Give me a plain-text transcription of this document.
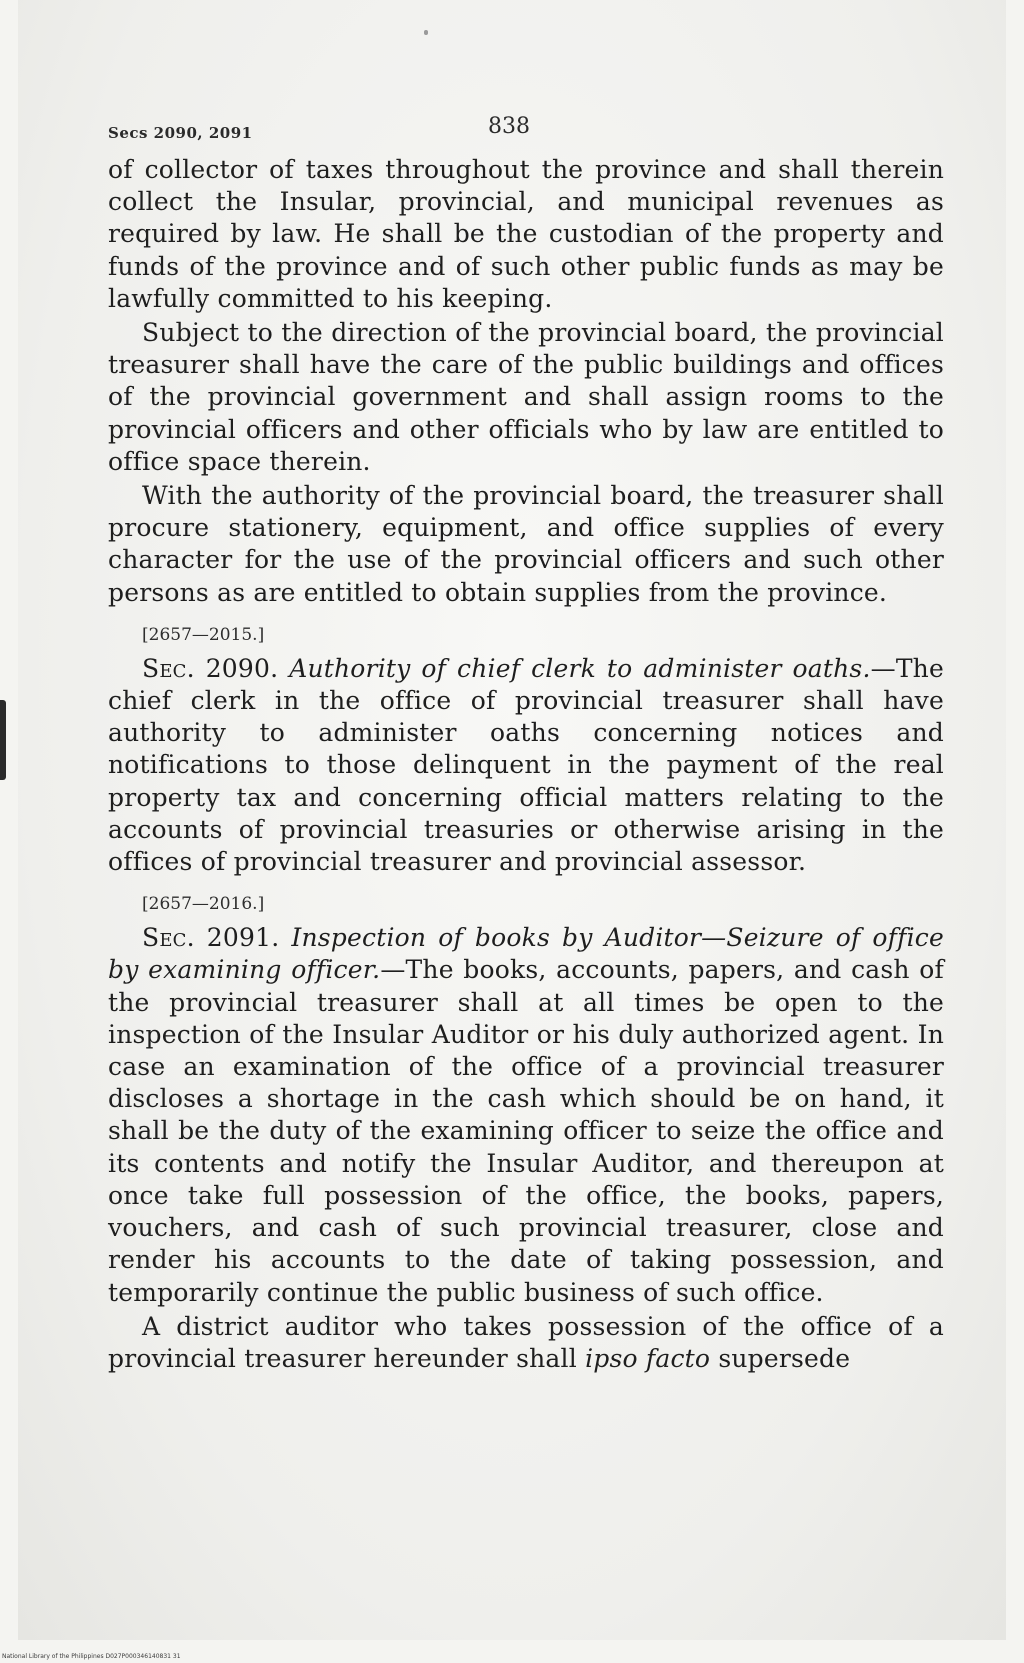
Secs 2090, 2091	838

of collector of taxes throughout the province and shall therein collect the Insular, provincial, and municipal revenues as required by law. He shall be the custodian of the property and funds of the province and of such other public funds as may be lawfully committed to his keeping.

Subject to the direction of the provincial board, the provincial treasurer shall have the care of the public buildings and offices of the provincial government and shall assign rooms to the provincial officers and other officials who by law are entitled to office space therein.

With the authority of the provincial board, the treasurer shall procure stationery, equipment, and office supplies of every character for the use of the provincial officers and such other persons as are entitled to obtain supplies from the province.

[2657—2015.]

Sec. 2090. Authority of chief clerk to administer oaths.—The chief clerk in the office of provincial treasurer shall have authority to administer oaths concerning notices and notifications to those delinquent in the payment of the real property tax and concerning official matters relating to the accounts of provincial treasuries or otherwise arising in the offices of provincial treasurer and provincial assessor.

[2657—2016.]

Sec. 2091. Inspection of books by Auditor—Seizure of office by examining officer.—The books, accounts, papers, and cash of the provincial treasurer shall at all times be open to the inspection of the Insular Auditor or his duly authorized agent. In case an examination of the office of a provincial treasurer discloses a shortage in the cash which should be on hand, it shall be the duty of the examining officer to seize the office and its contents and notify the Insular Auditor, and thereupon at once take full possession of the office, the books, papers, vouchers, and cash of such provincial treasurer, close and render his accounts to the date of taking possession, and temporarily continue the public business of such office.

A district auditor who takes possession of the office of a provincial treasurer hereunder shall ipso facto supersede

National Library of the Philippines D027P000346140831 31
